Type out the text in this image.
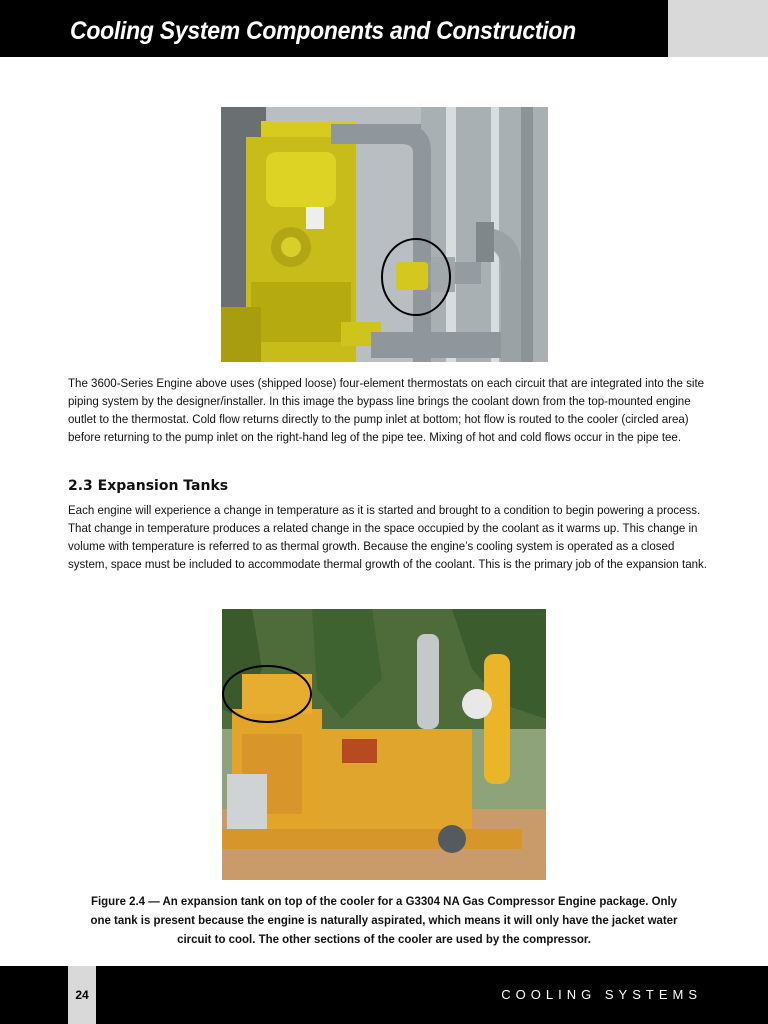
Cooling System Components and Construction
The 3600-Series Engine above uses (shipped loose) four-element thermostats on each circuit that are integrated into the site piping system by the designer/installer. In this image the bypass line brings the coolant down from the top-mounted engine outlet to the thermostat. Cold flow returns directly to the pump inlet at bottom; hot flow is routed to the cooler (circled area) before returning to the pump inlet on the right-hand leg of the pipe tee. Mixing of hot and cold flows occur in the pipe tee.
2.3 Expansion Tanks
Each engine will experience a change in temperature as it is started and brought to a condition to begin powering a process. That change in temperature produces a related change in the space occupied by the coolant as it warms up. This change in volume with temperature is referred to as thermal growth. Because the engine’s cooling system is operated as a closed system, space must be included to accommodate thermal growth of the coolant. This is the primary job of the expansion tank.
Figure 2.4 — An expansion tank on top of the cooler for a G3304 NA Gas Compressor Engine package. Only one tank is present because the engine is naturally aspirated, which means it will only have the jacket water circuit to cool. The other sections of the cooler are used by the compressor.
24	COOLING SYSTEMS
